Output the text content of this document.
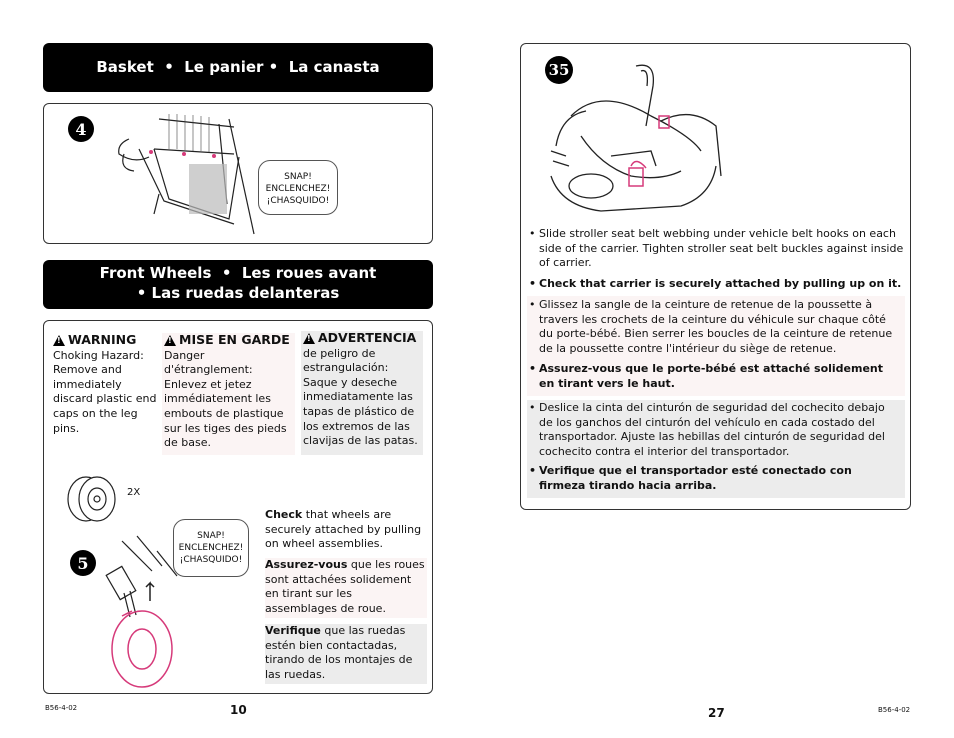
Basket  •  Le panier •  La canasta
4
SNAP!
ENCLENCHEZ!
¡CHASQUIDO!
Front Wheels  •  Les roues avant
• Las ruedas delanteras
!
WARNING
Choking Hazard: Remove and immediately discard plastic end caps on the leg pins.
!
MISE EN GARDE
Danger d'étranglement: Enlevez et jetez immédiatement les embouts de plastique sur les tiges des pieds de base.
!
ADVERTENCIA
de peligro de estrangulación: Saque y deseche inmediatamente las tapas de plástico de los extremos de las clavijas de las patas.
2X
5
SNAP!
ENCLENCHEZ!
¡CHASQUIDO!
Check that wheels are securely attached by pulling on wheel assemblies.
Assurez-vous que les roues sont attachées solidement en tirant sur les assemblages de roue.
Verifique que las ruedas estén bien contactadas, tirando de los montajes de las ruedas.
B56-4-02	10
35
• Slide stroller seat belt webbing under vehicle belt hooks on each side of the carrier. Tighten stroller seat belt buckles against inside of carrier.
• Check that carrier is securely attached by pulling up on it.
• Glissez la sangle de la ceinture de retenue de la poussette à travers les crochets de la ceinture du véhicule sur chaque côté du porte-bébé. Bien serrer les boucles de la ceinture de retenue de la poussette contre l'intérieur du siège de retenue.
• Assurez-vous que le porte-bébé est attaché solidement en tirant vers le haut.
• Deslice la cinta del cinturón de seguridad del cochecito debajo de los ganchos del cinturón del vehículo en cada costado del transportador. Ajuste las hebillas del cinturón de seguridad del cochecito contra el interior del transportador.
• Verifique que el transportador esté conectado con firmeza tirando hacia arriba.
27	B56-4-02
